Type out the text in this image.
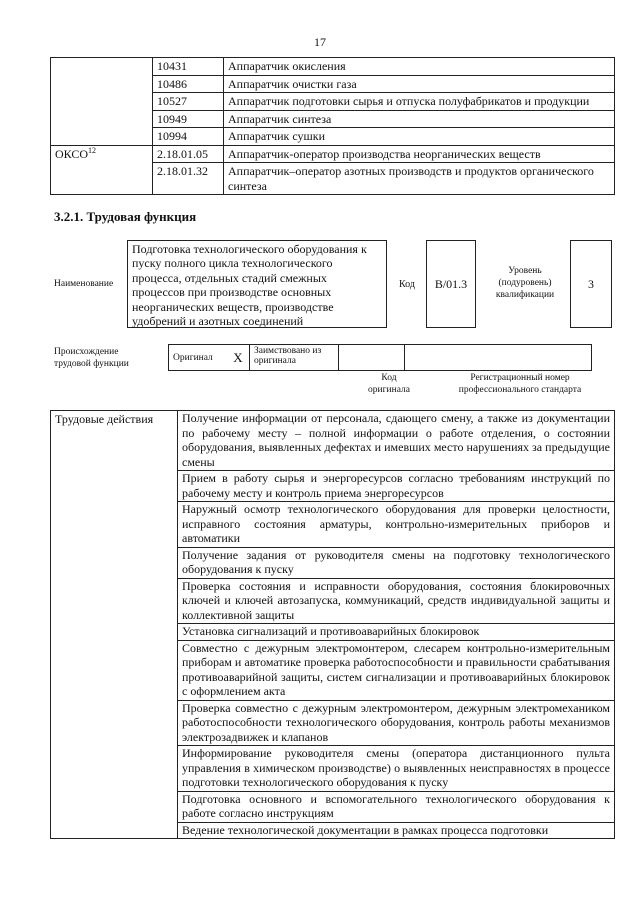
17
	10431	Аппаратчик окисления
	10486	Аппаратчик очистки газа
	10527	Аппаратчик подготовки сырья и отпуска полуфабрикатов и продукции
	10949	Аппаратчик синтеза
	10994	Аппаратчик сушки
ОКСО$^{12}$	2.18.01.05	Аппаратчик-оператор производства неорганических веществ
	2.18.01.32	Аппаратчик–оператор азотных производств и продуктов органического синтеза
3.2.1. Трудовая функция
Наименование
Подготовка технологического оборудования к пуску полного цикла технологического процесса, отдельных стадий смежных процессов при производстве основных неорганических веществ, производстве удобрений и азотных соединений
Код	B/01.3
Уровень
(подуровень)
квалификации
3
Происхождение
трудовой функции
Оригинал	X	Заимствовано из
оригинала

Код
оригинала
Регистрационный номер
профессионального стандарта
Трудовые действия	Получение информации от персонала, сдающего смену, а также из документации по рабочему месту – полной информации о работе отделения, о состоянии оборудования, выявленных дефектах и имевших место нарушениях за предыдущие смены
Прием в работу сырья и энергоресурсов согласно требованиям инструкций по рабочему месту и контроль приема энергоресурсов
Наружный осмотр технологического оборудования для проверки целостности, исправного состояния арматуры, контрольно-измерительных приборов и автоматики
Получение задания от руководителя смены на подготовку технологического оборудования к пуску
Проверка состояния и исправности оборудования, состояния блокировочных ключей и ключей автозапуска, коммуникаций, средств индивидуальной защиты и коллективной защиты
Установка сигнализаций и противоаварийных блокировок
Совместно с дежурным электромонтером, слесарем контрольно-измерительным приборам и автоматике проверка работоспособности и правильности срабатывания противоаварийной защиты, систем сигнализации и противоаварийных блокировок с оформлением акта
Проверка совместно с дежурным электромонтером, дежурным электромехаником работоспособности технологического оборудования, контроль работы механизмов электрозадвижек и клапанов
Информирование руководителя смены (оператора дистанционного пульта управления в химическом производстве) о выявленных неисправностях в процессе подготовки технологического оборудования к пуску
Подготовка основного и вспомогательного технологического оборудования к работе согласно инструкциям
Ведение технологической документации в рамках процесса подготовки
